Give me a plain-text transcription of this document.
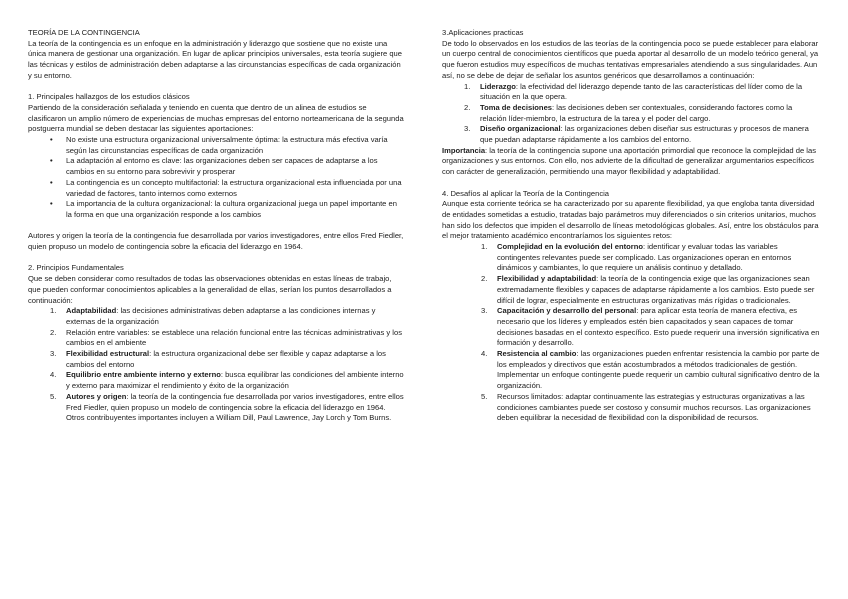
TEORÍA DE LA CONTINGENCIA

La teoría de la contingencia es un enfoque en la administración y liderazgo que sostiene que no existe una única manera de gestionar una organización. En lugar de aplicar principios universales, esta teoría sugiere que las técnicas y estilos de administración deben adaptarse a las circunstancias específicas de cada organización y su entorno.

1. Principales hallazgos de los estudios clásicos

Partiendo de la consideración señalada y teniendo en cuenta que dentro de un alinea de estudios se clasificaron un amplio número de experiencias de muchas empresas del entorno norteamericana de la segunda postguerra mundial se deben destacar las siguientes aportaciones:

• No existe una estructura organizacional universalmente óptima: la estructura más efectiva varía según las circunstancias específicas de cada organización
• La adaptación al entorno es clave: las organizaciones deben ser capaces de adaptarse a los cambios en su entorno para sobrevivir y prosperar
• La contingencia es un concepto multifactorial: la estructura organizacional esta influenciada por una variedad de factores, tanto internos como externos
• La importancia de la cultura organizacional: la cultura organizacional juega un papel importante en la forma en que una organización responde a los cambios

Autores y origen la teoría de la contingencia fue desarrollada por varios investigadores, entre ellos Fred Fiedler, quien propuso un modelo de contingencia sobre la eficacia del liderazgo en 1964.

2. Principios Fundamentales

Que se deben considerar como resultados de todas las observaciones obtenidas en estas líneas de trabajo, que pueden conformar conocimientos aplicables a la generalidad de ellas, serían los puntos desarrollados a continuación:

1. Adaptabilidad: las decisiones administrativas deben adaptarse a las condiciones internas y externas de la organización
2. Relación entre variables: se establece una relación funcional entre las técnicas administrativas y los cambios en el ambiente
3. Flexibilidad estructural: la estructura organizacional debe ser flexible y capaz adaptarse a los cambios del entorno
4. Equilibrio entre ambiente interno y externo: busca equilibrar las condiciones del ambiente interno y externo para maximizar el rendimiento y éxito de la organización
5. Autores y origen: la teoría de la contingencia fue desarrollada por varios investigadores, entre ellos Fred Fiedler, quien propuso un modelo de contingencia sobre la eficacia del liderazgo en 1964. Otros contribuyentes importantes incluyen a William Dill, Paul Lawrence, Jay Lorch y Tom Burns.

3.Aplicaciones practicas

De todo lo observados en los estudios de las teorías de la contingencia poco se puede establecer para elaborar un cuerpo central de conocimientos científicos que pueda aportar al desarrollo de un modelo teórico general, ya que fueron estudios muy específicos de muchas tentativas empresariales atendiendo a sus singularidades. Aun así, no se debe de dejar de señalar los asuntos genéricos que desarrollamos a continuación:

1. Liderazgo: la efectividad del liderazgo depende tanto de las características del líder como de la situación en la que opera.
2. Toma de decisiones: las decisiones deben ser contextuales, considerando factores como la relación líder-miembro, la estructura de la tarea y el poder del cargo.
3. Diseño organizacional: las organizaciones deben diseñar sus estructuras y procesos de manera que puedan adaptarse rápidamente a los cambios del entorno.

Importancia: la teoría de la contingencia supone una aportación primordial que reconoce la complejidad de las organizaciones y sus entornos. Con ello, nos advierte de la dificultad de generalizar argumentarios específicos con carácter de generalización, permitiendo una mayor flexibilidad y adaptabilidad.

4. Desafíos al aplicar la Teoría de la Contingencia

Aunque esta corriente teórica se ha caracterizado por su aparente flexibilidad, ya que engloba tanta diversidad de entidades sometidas a estudio, tratadas bajo parámetros muy diferenciados o sin criterios unitarios, muchos han sido los defectos que impiden el desarrollo de líneas metodológicas globales. Así, entre los obstáculos para el mejor tratamiento académico encontraríamos los siguientes retos:

1. Complejidad en la evolución del entorno: identificar y evaluar todas las variables contingentes relevantes puede ser complicado. Las organizaciones operan en entornos dinámicos y cambiantes, lo que requiere un análisis continuo y detallado.
2. Flexibilidad y adaptabilidad: la teoría de la contingencia exige que las organizaciones sean extremadamente flexibles y capaces de adaptarse rápidamente a los cambios. Esto puede ser difícil de lograr, especialmente en estructuras organizativas más rígidas o tradicionales.
3. Capacitación y desarrollo del personal: para aplicar esta teoría de manera efectiva, es necesario que los líderes y empleados estén bien capacitados y sean capaces de tomar decisiones basadas en el contexto específico. Esto puede requerir una inversión significativa en formación y desarrollo.
4. Resistencia al cambio: las organizaciones pueden enfrentar resistencia la cambio por parte de los empleados y directivos que están acostumbrados a métodos tradicionales de gestión. Implementar un enfoque contingente puede requerir un cambio cultural significativo dentro de la organización.
5. Recursos limitados: adaptar continuamente las estrategias y estructuras organizativas a las condiciones cambiantes puede ser costoso y consumir muchos recursos. Las organizaciones deben equilibrar la necesidad de flexibilidad con la disponibilidad de recursos.
